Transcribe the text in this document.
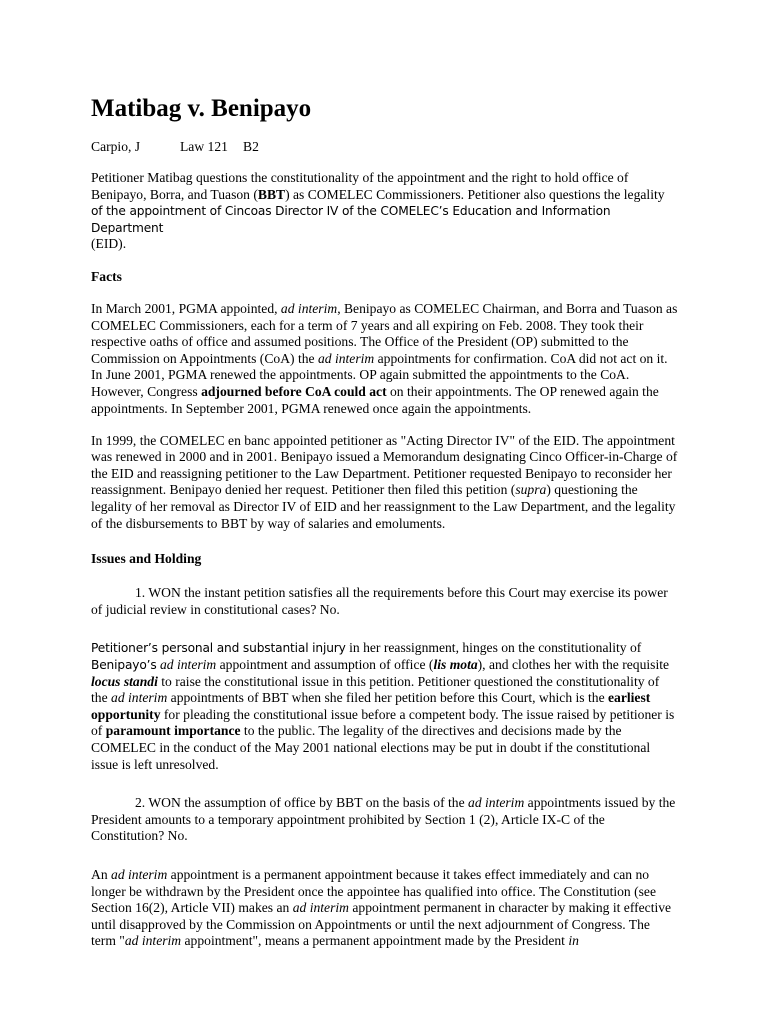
Matibag v. Benipayo
Carpio, J	Law 121 B2

Petitioner Matibag questions the constitutionality of the appointment and the right to hold office of
Benipayo, Borra, and Tuason (BBT) as COMELEC Commissioners. Petitioner also questions the legality
of the appointment of Cincoas Director IV of the COMELEC’s Education and Information Department
(EID).

Facts

In March 2001, PGMA appointed, ad interim, Benipayo as COMELEC Chairman, and Borra and Tuason as COMELEC Commissioners, each for a term of 7 years and all expiring on Feb. 2008. They took their respective oaths of office and assumed positions. The Office of the President (OP) submitted to the Commission on Appointments (CoA) the ad interim appointments for confirmation. CoA did not act on it. In June 2001, PGMA renewed the appointments. OP again submitted the appointments to the CoA. However, Congress adjourned before CoA could act on their appointments. The OP renewed again the appointments. In September 2001, PGMA renewed once again the appointments.

In 1999, the COMELEC en banc appointed petitioner as "Acting Director IV" of the EID. The appointment was renewed in 2000 and in 2001. Benipayo issued a Memorandum designating Cinco Officer-in-Charge of the EID and reassigning petitioner to the Law Department. Petitioner requested Benipayo to reconsider her reassignment. Benipayo denied her request. Petitioner then filed this petition (supra) questioning the legality of her removal as Director IV of EID and her reassignment to the Law Department, and the legality of the disbursements to BBT by way of salaries and emoluments.

Issues and Holding

1. WON the instant petition satisfies all the requirements before this Court may exercise its power of judicial review in constitutional cases? No.

Petitioner’s personal and substantial injury in her reassignment, hinges on the constitutionality of Benipayo’s ad interim appointment and assumption of office (lis mota), and clothes her with the requisite locus standi to raise the constitutional issue in this petition. Petitioner questioned the constitutionality of the ad interim appointments of BBT when she filed her petition before this Court, which is the earliest opportunity for pleading the constitutional issue before a competent body. The issue raised by petitioner is of paramount importance to the public. The legality of the directives and decisions made by the COMELEC in the conduct of the May 2001 national elections may be put in doubt if the constitutional issue is left unresolved.

2. WON the assumption of office by BBT on the basis of the ad interim appointments issued by the President amounts to a temporary appointment prohibited by Section 1 (2), Article IX-C of the Constitution? No.

An ad interim appointment is a permanent appointment because it takes effect immediately and can no longer be withdrawn by the President once the appointee has qualified into office. The Constitution (see Section 16(2), Article VII) makes an ad interim appointment permanent in character by making it effective until disapproved by the Commission on Appointments or until the next adjournment of Congress. The term "ad interim appointment", means a permanent appointment made by the President in
